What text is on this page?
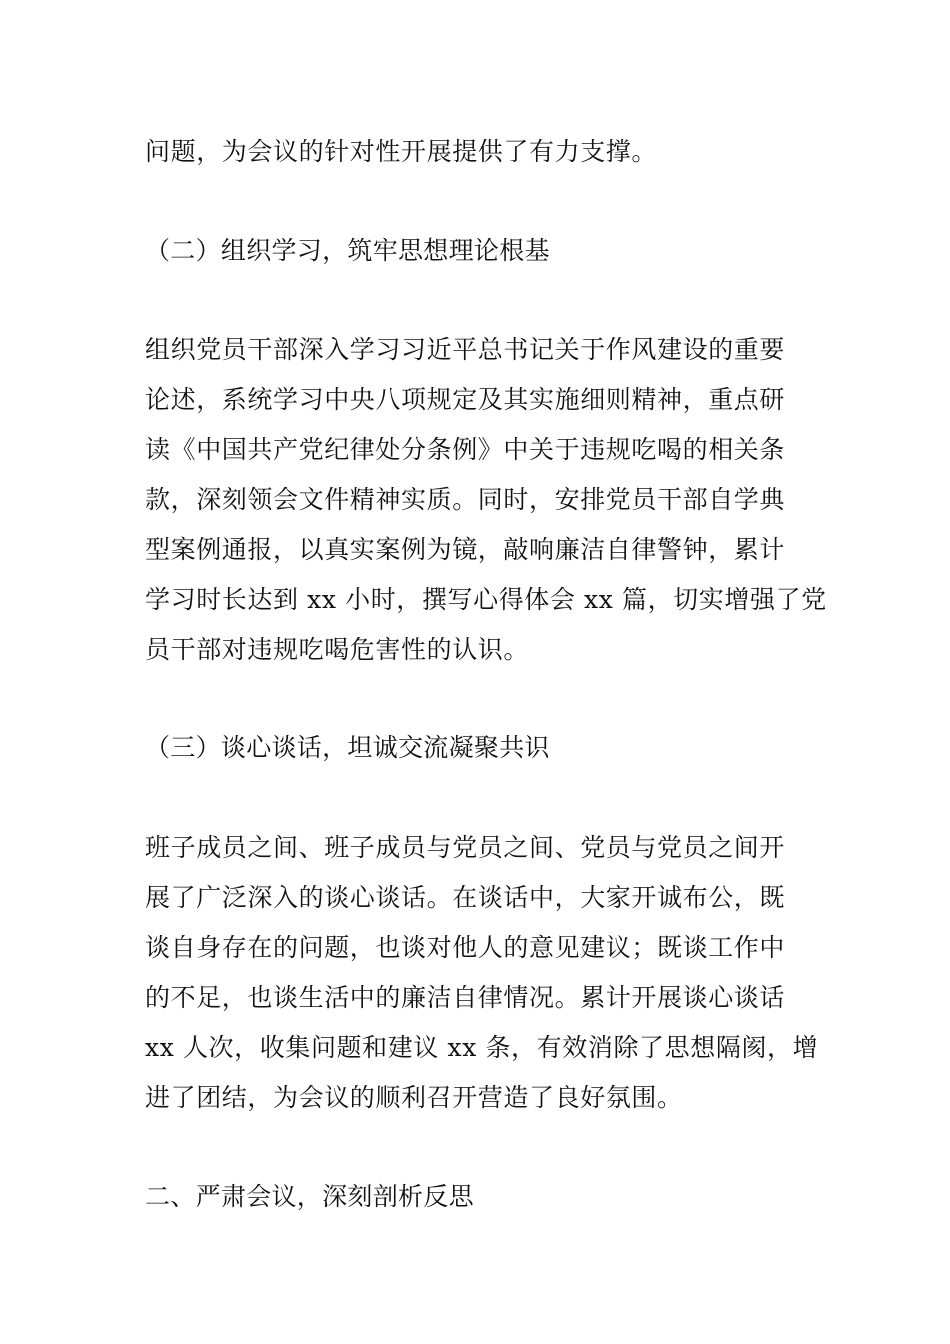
问题，为会议的针对性开展提供了有力支撑。
（二）组织学习，筑牢思想理论根基
组织党员干部深入学习习近平总书记关于作风建设的重要
论述，系统学习中央八项规定及其实施细则精神，重点研
读《中国共产党纪律处分条例》中关于违规吃喝的相关条
款，深刻领会文件精神实质。同时，安排党员干部自学典
型案例通报，以真实案例为镜，敲响廉洁自律警钟，累计
学习时长达到 xx 小时，撰写心得体会 xx 篇，切实增强了党
员干部对违规吃喝危害性的认识。
（三）谈心谈话，坦诚交流凝聚共识
班子成员之间、班子成员与党员之间、党员与党员之间开
展了广泛深入的谈心谈话。在谈话中，大家开诚布公，既
谈自身存在的问题，也谈对他人的意见建议；既谈工作中
的不足，也谈生活中的廉洁自律情况。累计开展谈心谈话
xx 人次，收集问题和建议 xx 条，有效消除了思想隔阂，增
进了团结，为会议的顺利召开营造了良好氛围。
二、严肃会议，深刻剖析反思
